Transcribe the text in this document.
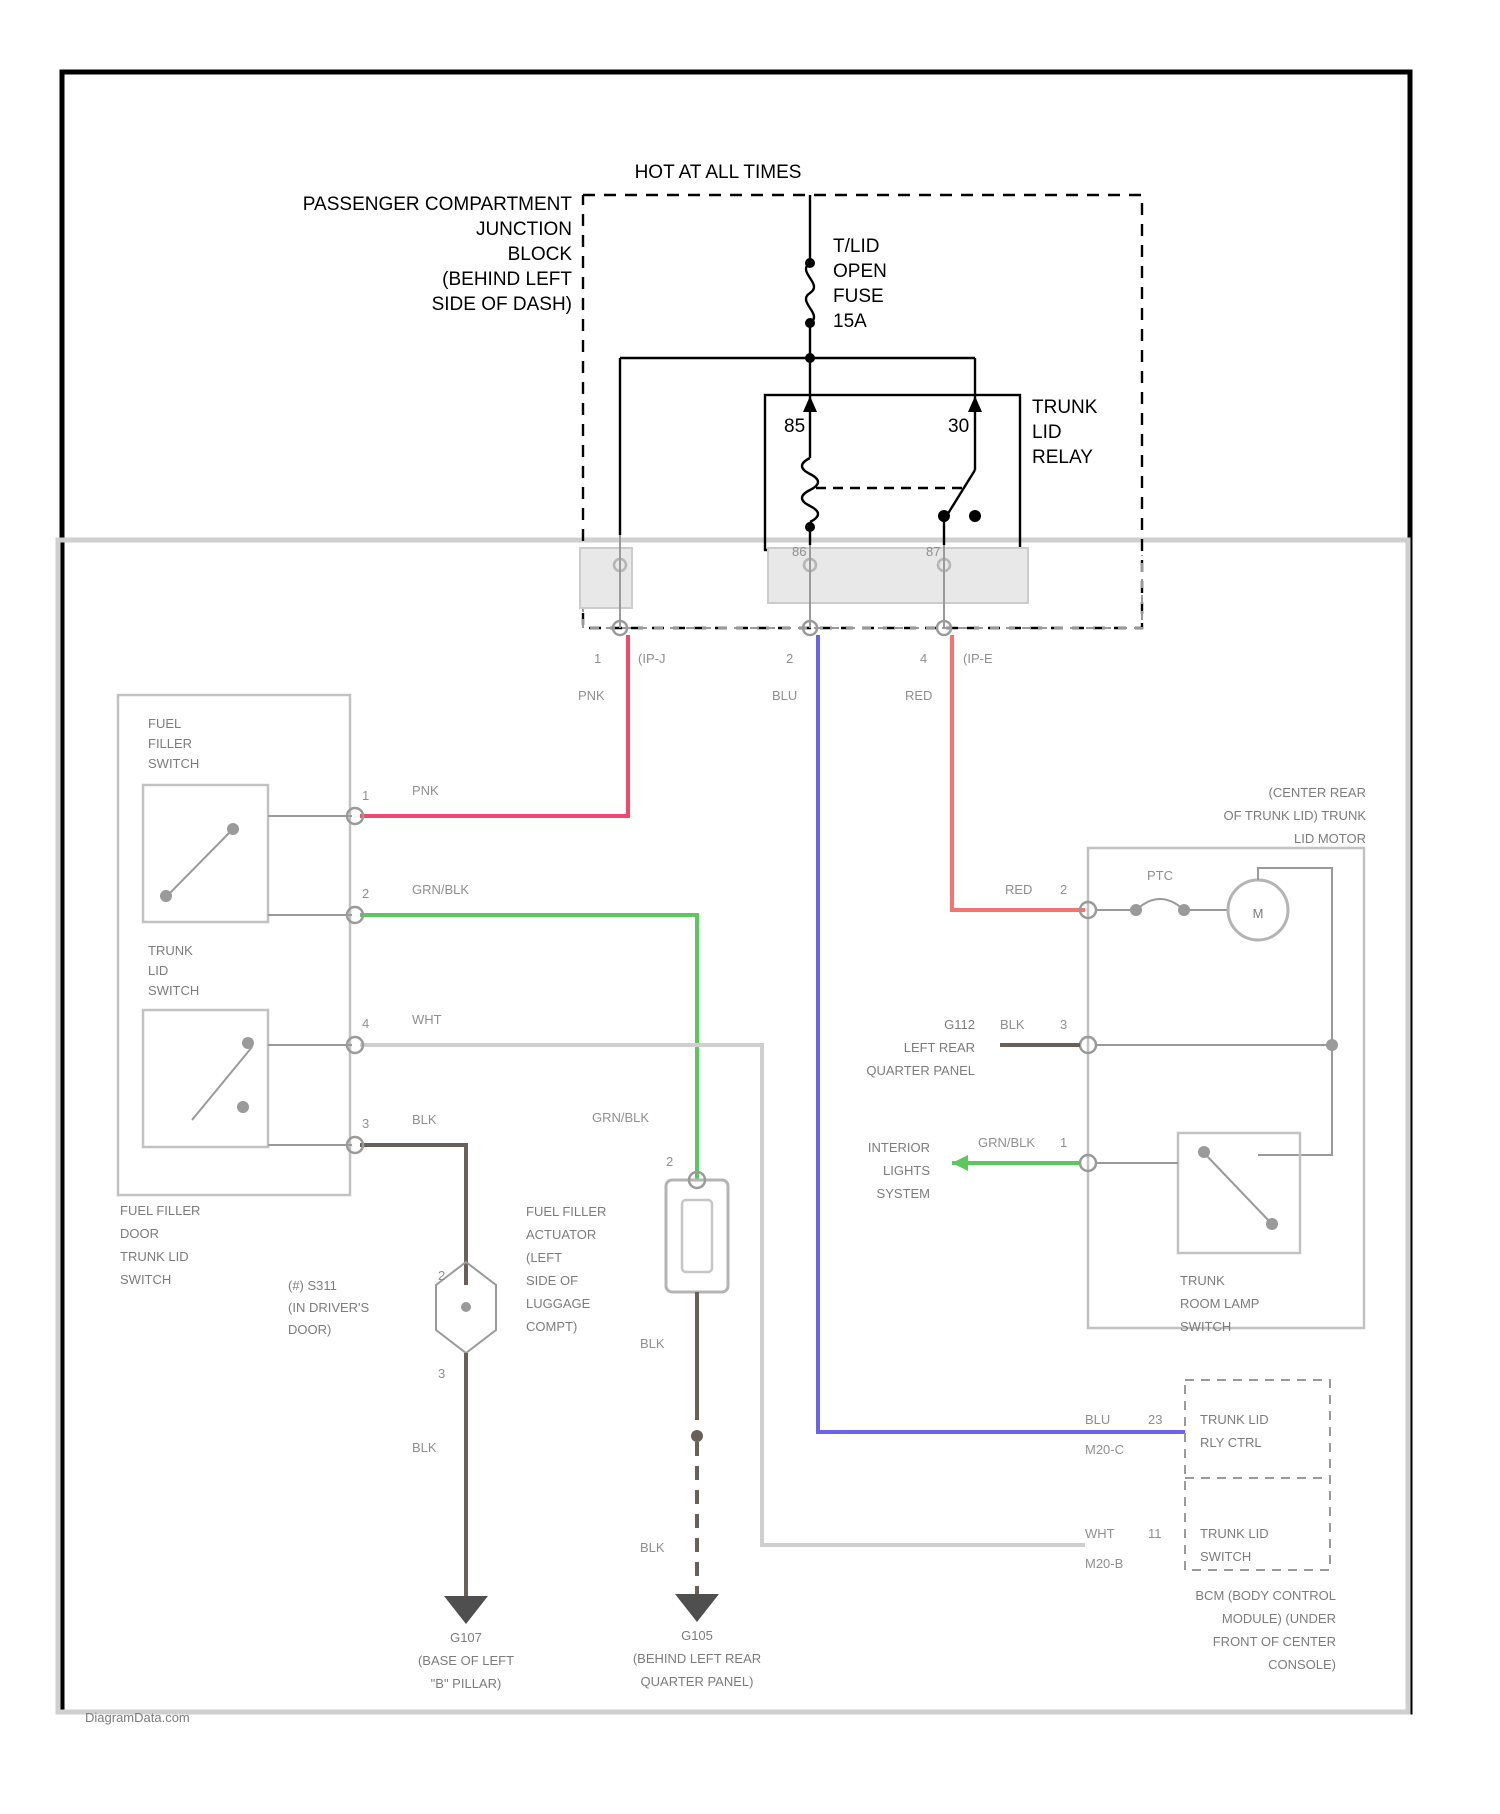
HOT AT ALL TIMES
PASSENGER COMPARTMENT
JUNCTION
BLOCK
(BEHIND LEFT
SIDE OF DASH)
T/LID
OPEN
FUSE
15A
85	30
TRUNK
LID
RELAY
86	87
1	(IP-J	2	4	(IP-E
PNK	BLU	RED
FUEL
FILLER
SWITCH
TRUNK
LID
SWITCH
1
2
4
3
PNK
GRN/BLK
WHT
BLK
FUEL FILLER
DOOR
TRUNK LID
SWITCH	2
3
(#) S311
(IN DRIVER'S
DOOR)
BLK
G107
(BASE OF LEFT
"B" PILLAR)
2
GRN/BLK
FUEL FILLER
ACTUATOR
(LEFT
SIDE OF
LUGGAGE
COMPT)
BLK
BLK
G105
(BEHIND LEFT REAR
QUARTER PANEL)
(CENTER REAR
OF TRUNK LID) TRUNK
LID MOTOR
RED 2
PTC
M
BLK	3
G112
LEFT REAR
QUARTER PANEL
GRN/BLK 1
INTERIOR
LIGHTS
SYSTEM
TRUNK
ROOM LAMP
SWITCH
BLU	23
M20-C
TRUNK LID
RLY CTRL
WHT	11
M20-B
TRUNK LID
SWITCH
BCM (BODY CONTROL
MODULE) (UNDER
FRONT OF CENTER
CONSOLE)
DiagramData.com
